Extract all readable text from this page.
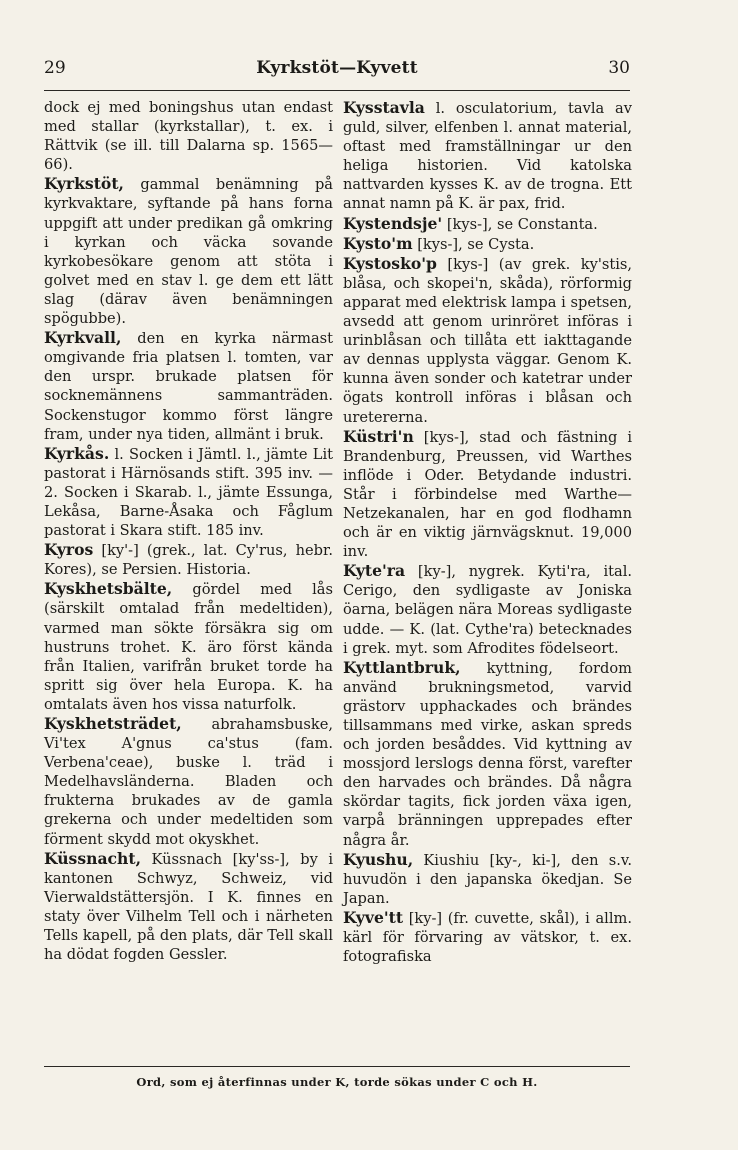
29	Kyrkstöt—Kyvett	30

dock ej med boningshus utan endast med stallar (kyrkstallar), t. ex. i Rättvik (se ill. till Dalarna sp. 1565—66).

Kyrkstöt, gammal benämning på kyrkvaktare, syftande på hans forna uppgift att under predikan gå omkring i kyrkan och väcka sovande kyrkobesökare genom att stöta i golvet med en stav l. ge dem ett lätt slag (därav även benämningen spögubbe).

Kyrkvall, den en kyrka närmast omgivande fria platsen l. tomten, var den urspr. brukade platsen för socknemännens sammanträden. Sockenstugor kommo först längre fram, under nya tiden, allmänt i bruk.

Kyrkås. l. Socken i Jämtl. l., jämte Lit pastorat i Härnösands stift. 395 inv. — 2. Socken i Skarab. l., jämte Essunga, Lekåsa, Barne-Åsaka och Fåglum pastorat i Skara stift. 185 inv.

Kyros [ky'-] (grek., lat. Cy'rus, hebr. Kores), se Persien. Historia.

Kyskhetsbälte, gördel med lås (särskilt omtalad från medeltiden), varmed man sökte försäkra sig om hustruns trohet. K. äro först kända från Italien, varifrån bruket torde ha spritt sig över hela Europa. K. ha omtalats även hos vissa naturfolk.

Kyskhetsträdet, abrahamsbuske, Vi'tex A'gnus ca'stus (fam. Verbena'ceae), buske l. träd i Medelhavsländerna. Bladen och frukterna brukades av de gamla grekerna och under medeltiden som förment skydd mot okyskhet.

Küssnacht, Küssnach [ky'ss-], by i kantonen Schwyz, Schweiz, vid Vierwaldstättersjön. I K. finnes en staty över Vilhelm Tell och i närheten Tells kapell, på den plats, där Tell skall ha dödat fogden Gessler.

Kysstavla l. osculatorium, tavla av guld, silver, elfenben l. annat material, oftast med framställningar ur den heliga historien. Vid katolska nattvarden kysses K. av de trogna. Ett annat namn på K. är pax, frid.

Kystendsje' [kys-], se Constanta.

Kysto'm [kys-], se Cysta.

Kystosko'p [kys-] (av grek. ky'stis, blåsa, och skopei'n, skåda), rörformig apparat med elektrisk lampa i spetsen, avsedd att genom urinröret införas i urinblåsan och tillåta ett iakttagande av dennas upplysta väggar. Genom K. kunna även sonder och katetrar under ögats kontroll införas i blåsan och uretererna.

Küstri'n [kys-], stad och fästning i Brandenburg, Preussen, vid Warthes inflöde i Oder. Betydande industri. Står i förbindelse med Warthe—Netzekanalen, har en god flodhamn och är en viktig järnvägsknut. 19,000 inv.

Kyte'ra [ky-], nygrek. Kyti'ra, ital. Cerigo, den sydligaste av Joniska öarna, belägen nära Moreas sydligaste udde. — K. (lat. Cythe'ra) betecknades i grek. myt. som Afrodites födelseort.

Kyttlantbruk, kyttning, fordom använd brukningsmetod, varvid grästorv upphackades och brändes tillsammans med virke, askan spreds och jorden besåddes. Vid kyttning av mossjord lerslogs denna först, varefter den harvades och brändes. Då några skördar tagits, fick jorden växa igen, varpå bränningen upprepades efter några år.

Kyushu, Kiushiu [ky-, ki-], den s.v. huvudön i den japanska ökedjan. Se Japan.

Kyve'tt [ky-] (fr. cuvette, skål), i allm. kärl för förvaring av vätskor, t. ex. fotografiska

Ord, som ej återfinnas under K, torde sökas under C och H.
